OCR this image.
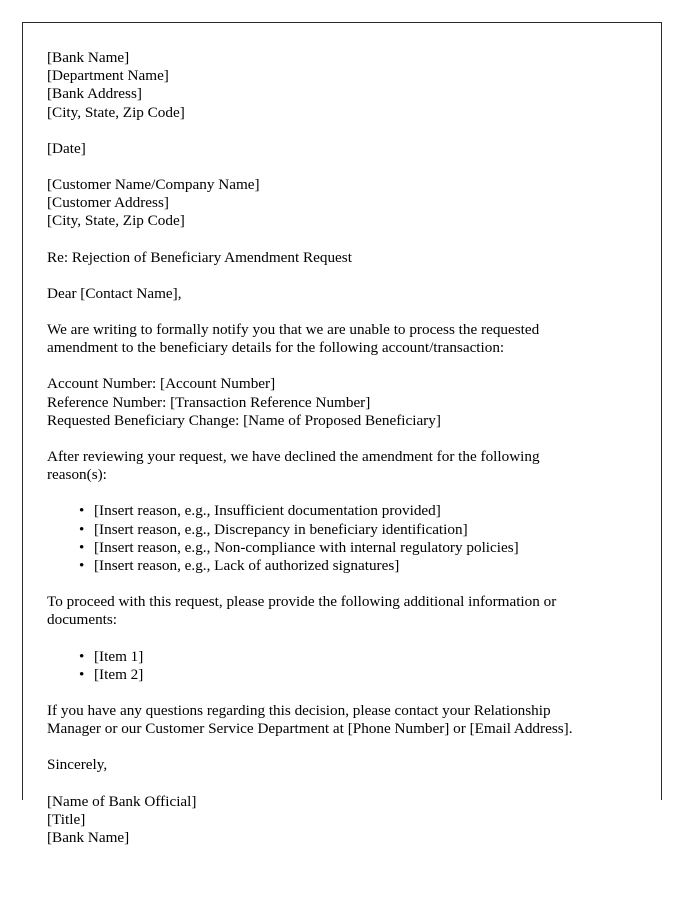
[Bank Name]
[Department Name]
[Bank Address]
[City, State, Zip Code]
[Date]
[Customer Name/Company Name]
[Customer Address]
[City, State, Zip Code]
Re: Rejection of Beneficiary Amendment Request
Dear [Contact Name],

We are writing to formally notify you that we are unable to process the requested amendment to the beneficiary details for the following account/transaction:

Account Number: [Account Number]
Reference Number: [Transaction Reference Number]
Requested Beneficiary Change: [Name of Proposed Beneficiary]

After reviewing your request, we have declined the amendment for the following reason(s):

• [Insert reason, e.g., Insufficient documentation provided]
• [Insert reason, e.g., Discrepancy in beneficiary identification]
• [Insert reason, e.g., Non-compliance with internal regulatory policies]
• [Insert reason, e.g., Lack of authorized signatures]

To proceed with this request, please provide the following additional information or documents:

• [Item 1]
• [Item 2]

If you have any questions regarding this decision, please contact your Relationship Manager or our Customer Service Department at [Phone Number] or [Email Address].

Sincerely,
[Name of Bank Official]
[Title]
[Bank Name]
